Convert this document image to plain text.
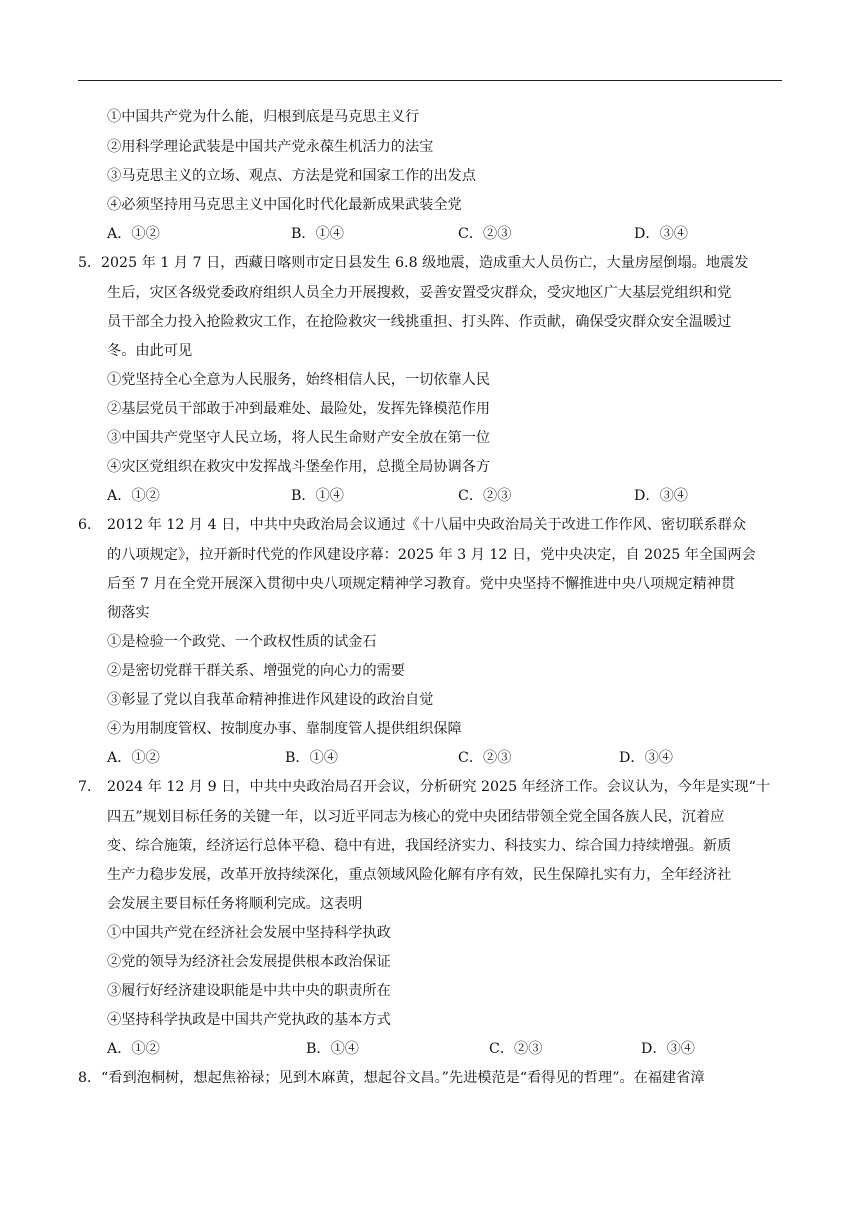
①中国共产党为什么能，归根到底是马克思主义行
②用科学理论武装是中国共产党永葆生机活力的法宝
③马克思主义的立场、观点、方法是党和国家工作的出发点
④必须坚持用马克思主义中国化时代化最新成果武装全党
A．①②	B．①④	C．②③	D．③④
5． 2025 年 1 月 7 日，西藏日喀则市定日县发生 6.8 级地震，造成重大人员伤亡，大量房屋倒塌。地震发
生后，灾区各级党委政府组织人员全力开展搜救，妥善安置受灾群众，受灾地区广大基层党组织和党
员干部全力投入抢险救灾工作，在抢险救灾一线挑重担、打头阵、作贡献，确保受灾群众安全温暖过
冬。由此可见
①党坚持全心全意为人民服务，始终相信人民，一切依靠人民
②基层党员干部敢于冲到最难处、最险处，发挥先锋模范作用
③中国共产党坚守人民立场，将人民生命财产安全放在第一位
④灾区党组织在救灾中发挥战斗堡垒作用，总揽全局协调各方
A．①②	B．①④	C．②③	D．③④
6． 2012 年 12 月 4 日，中共中央政治局会议通过《十八届中央政治局关于改进工作作风、密切联系群众
的八项规定》，拉开新时代党的作风建设序幕：2025 年 3 月 12 日，党中央决定，自 2025 年全国两会
后至 7 月在全党开展深入贯彻中央八项规定精神学习教育。党中央坚持不懈推进中央八项规定精神贯
彻落实
①是检验一个政党、一个政权性质的试金石
②是密切党群干群关系、增强党的向心力的需要
③彰显了党以自我革命精神推进作风建设的政治自觉
④为用制度管权、按制度办事、靠制度管人提供组织保障
A．①②	B．①④	C．②③	D．③④
7． 2024 年 12 月 9 日，中共中央政治局召开会议，分析研究 2025 年经济工作。会议认为，今年是实现“十
四五”规划目标任务的关键一年，以习近平同志为核心的党中央团结带领全党全国各族人民，沉着应
变、综合施策，经济运行总体平稳、稳中有进，我国经济实力、科技实力、综合国力持续增强。新质
生产力稳步发展，改革开放持续深化，重点领域风险化解有序有效，民生保障扎实有力，全年经济社
会发展主要目标任务将顺利完成。这表明
①中国共产党在经济社会发展中坚持科学执政
②党的领导为经济社会发展提供根本政治保证
③履行好经济建设职能是中共中央的职责所在
④坚持科学执政是中国共产党执政的基本方式
A．①②	B．①④	C．②③	D．③④
8． “看到泡桐树，想起焦裕禄；见到木麻黄，想起谷文昌。”先进模范是“看得见的哲理”。在福建省漳
